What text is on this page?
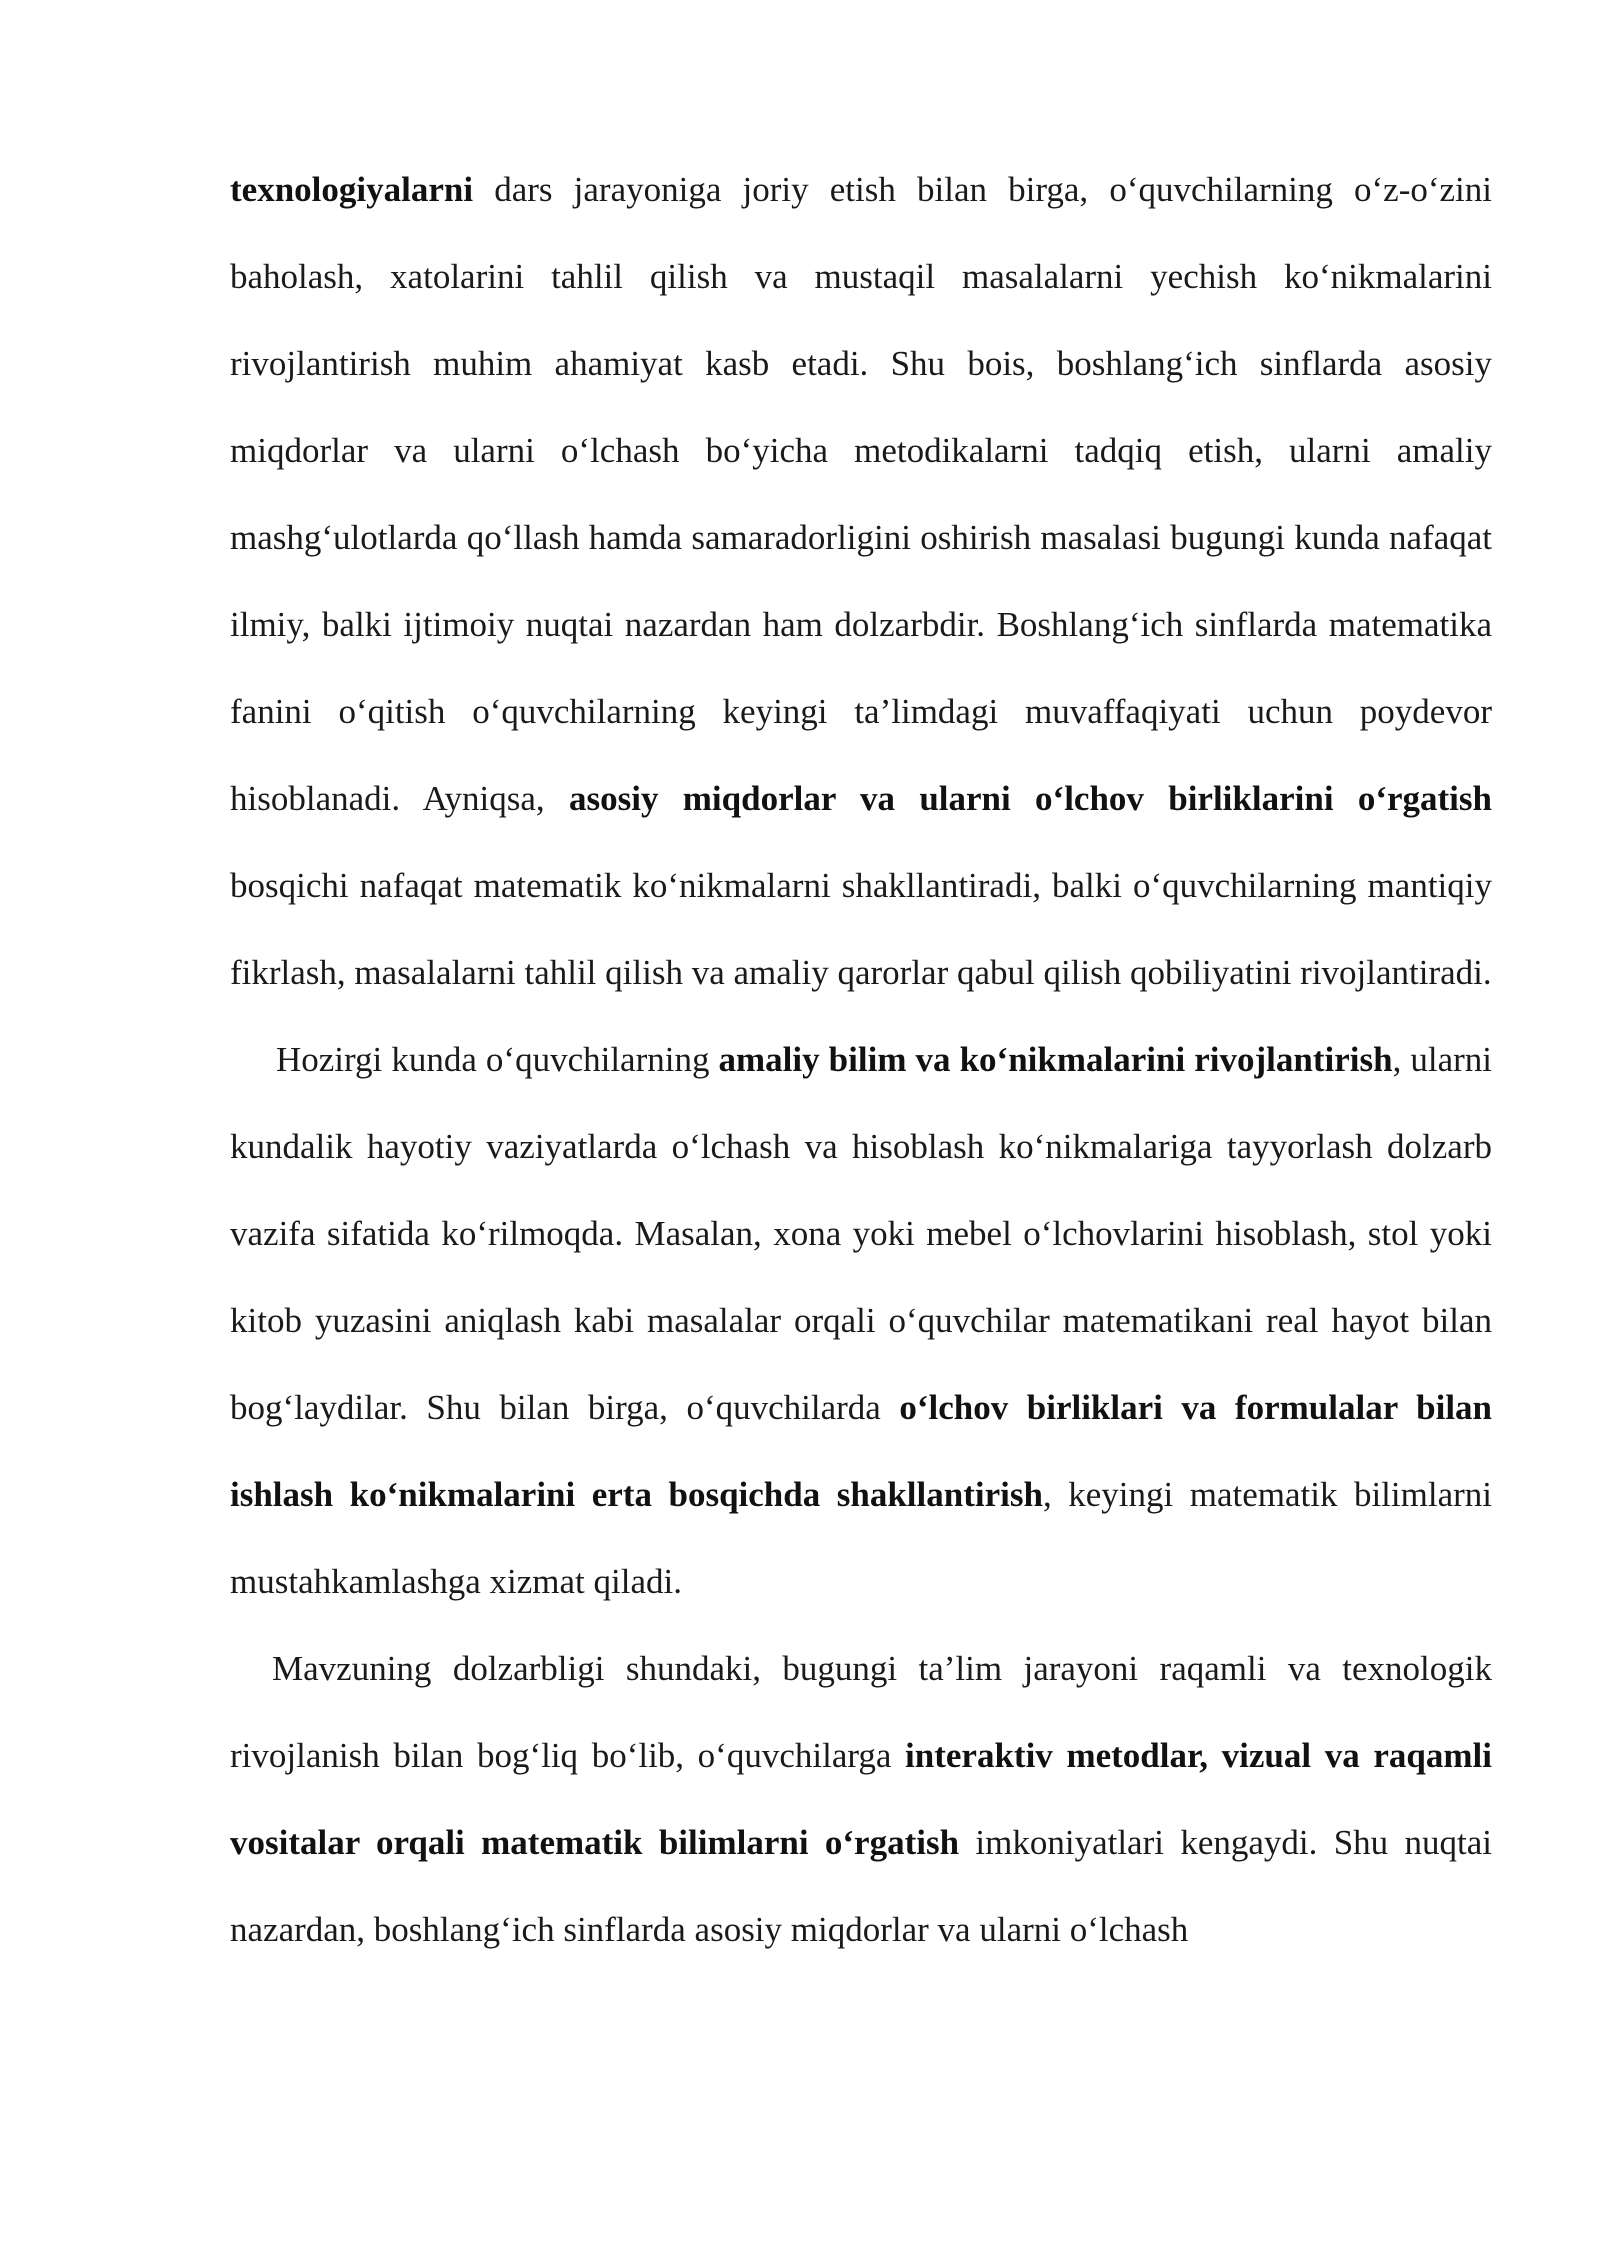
texnologiyalarni dars jarayoniga joriy etish bilan birga, o‘quvchilarning o‘z-o‘zini baholash, xatolarini tahlil qilish va mustaqil masalalarni yechish ko‘nikmalarini rivojlantirish muhim ahamiyat kasb etadi. Shu bois, boshlang‘ich sinflarda asosiy miqdorlar va ularni o‘lchash bo‘yicha metodikalarni tadqiq etish, ularni amaliy mashg‘ulotlarda qo‘llash hamda samaradorligini oshirish masalasi bugungi kunda nafaqat ilmiy, balki ijtimoiy nuqtai nazardan ham dolzarbdir. Boshlang‘ich sinflarda matematika fanini o‘qitish o‘quvchilarning keyingi ta’limdagi muvaffaqiyati uchun poydevor hisoblanadi. Ayniqsa, asosiy miqdorlar va ularni o‘lchov birliklarini o‘rgatish bosqichi nafaqat matematik ko‘nikmalarni shakllantiradi, balki o‘quvchilarning mantiqiy fikrlash, masalalarni tahlil qilish va amaliy qarorlar qabul qilish qobiliyatini rivojlantiradi.

Hozirgi kunda o‘quvchilarning amaliy bilim va ko‘nikmalarini rivojlantirish, ularni kundalik hayotiy vaziyatlarda o‘lchash va hisoblash ko‘nikmalariga tayyorlash dolzarb vazifa sifatida ko‘rilmoqda. Masalan, xona yoki mebel o‘lchovlarini hisoblash, stol yoki kitob yuzasini aniqlash kabi masalalar orqali o‘quvchilar matematikani real hayot bilan bog‘laydilar. Shu bilan birga, o‘quvchilarda o‘lchov birliklari va formulalar bilan ishlash ko‘nikmalarini erta bosqichda shakllantirish, keyingi matematik bilimlarni mustahkamlashga xizmat qiladi.

Mavzuning dolzarbligi shundaki, bugungi ta’lim jarayoni raqamli va texnologik rivojlanish bilan bog‘liq bo‘lib, o‘quvchilarga interaktiv metodlar, vizual va raqamli vositalar orqali matematik bilimlarni o‘rgatish imkoniyatlari kengaydi. Shu nuqtai nazardan, boshlang‘ich sinflarda asosiy miqdorlar va ularni o‘lchash
